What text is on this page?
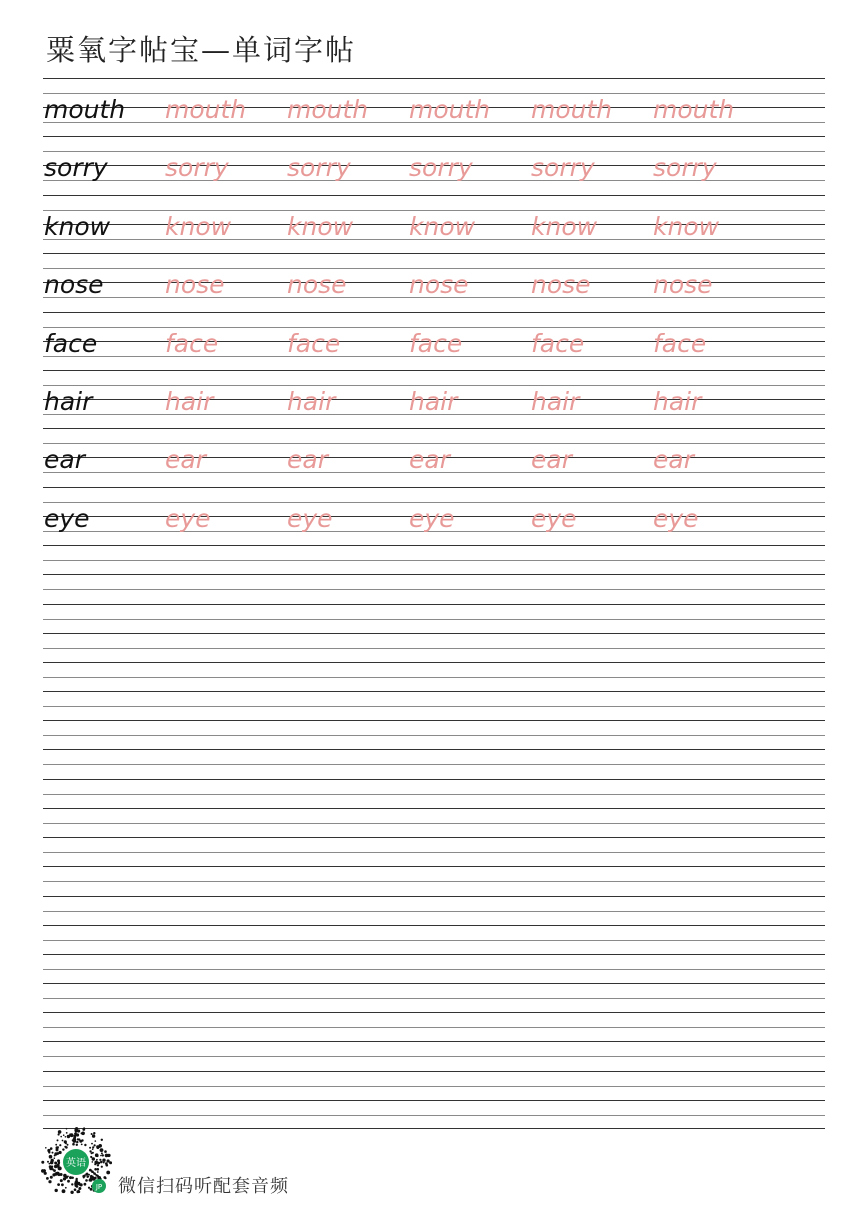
粟氧字帖宝—单词字帖
mouth mouth mouth mouth mouth mouth
sorry sorry sorry sorry sorry sorry
know know know know know know
nose nose nose nose nose nose
face	face	face	face	face	face
hair	hair	hair	hair	hair	hair
ear	ear	ear	ear	ear	ear
eye	eye	eye	eye	eye	eye
英语
JP 微信扫码听配套音频
